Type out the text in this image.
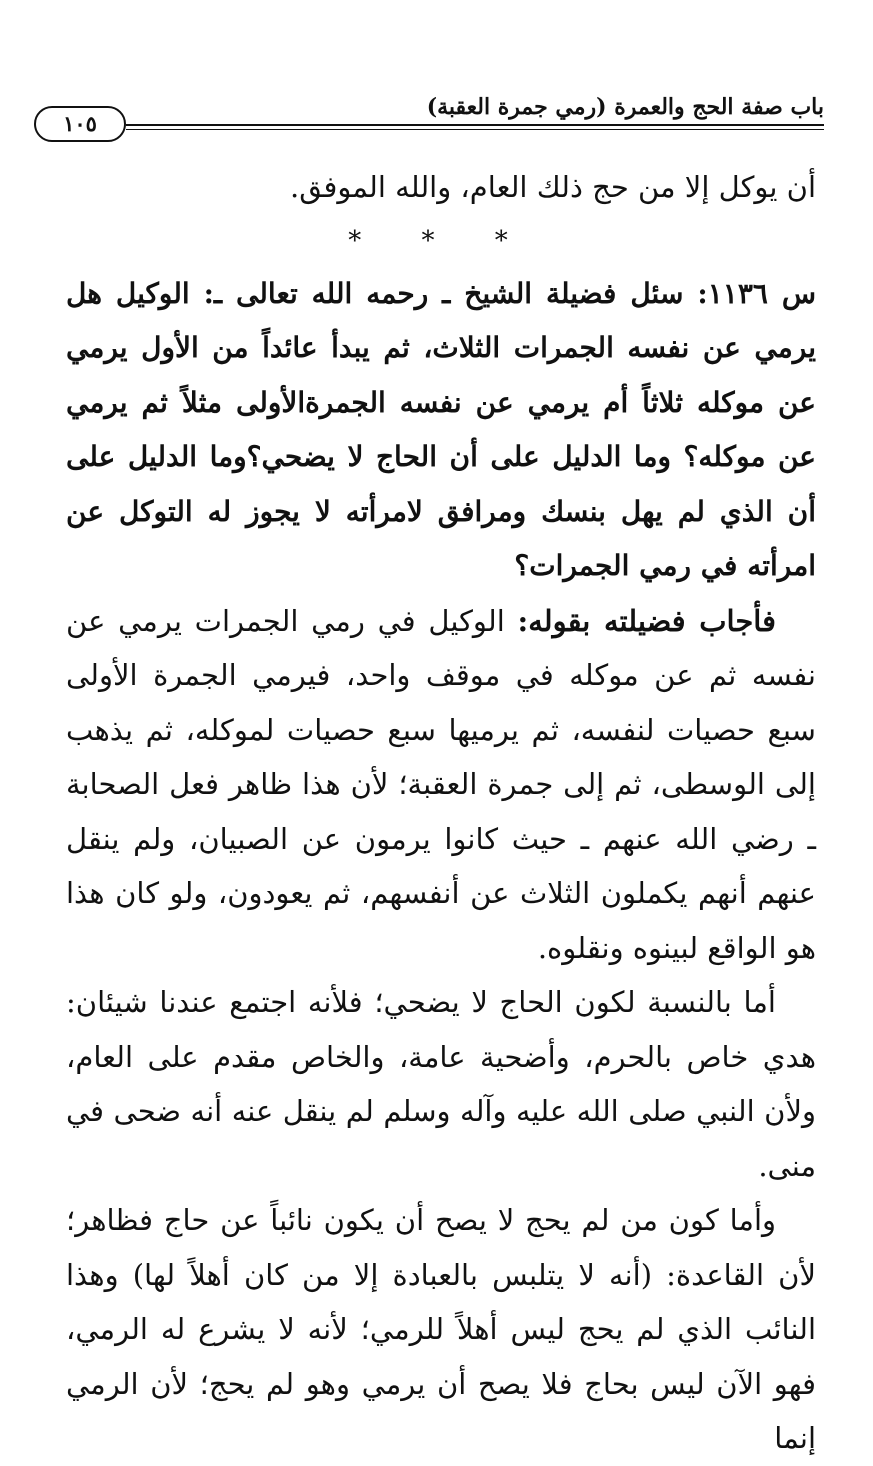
١٠٥
باب صفة الحج والعمرة (رمي جمرة العقبة)

أن يوكل إلا من حج ذلك العام، والله الموفق.

* * *

س ١١٣٦: سئل فضيلة الشيخ ـ رحمه الله تعالى ـ: الوكيل هل يرمي عن نفسه الجمرات الثلاث، ثم يبدأ عائداً من الأول يرمي عن موكله ثلاثاً أم يرمي عن نفسه الجمرةالأولى مثلاً ثم يرمي عن موكله؟ وما الدليل على أن الحاج لا يضحي؟وما الدليل على أن الذي لم يهل بنسك ومرافق لامرأته لا يجوز له التوكل عن امرأته في رمي الجمرات؟

فأجاب فضيلته بقوله: الوكيل في رمي الجمرات يرمي عن نفسه ثم عن موكله في موقف واحد، فيرمي الجمرة الأولى سبع حصيات لنفسه، ثم يرميها سبع حصيات لموكله، ثم يذهب إلى الوسطى، ثم إلى جمرة العقبة؛ لأن هذا ظاهر فعل الصحابة ـ رضي الله عنهم ـ حيث كانوا يرمون عن الصبيان، ولم ينقل عنهم أنهم يكملون الثلاث عن أنفسهم، ثم يعودون، ولو كان هذا هو الواقع لبينوه ونقلوه.

أما بالنسبة لكون الحاج لا يضحي؛ فلأنه اجتمع عندنا شيئان: هدي خاص بالحرم، وأضحية عامة، والخاص مقدم على العام، ولأن النبي صلى الله عليه وآله وسلم لم ينقل عنه أنه ضحى في منى.

وأما كون من لم يحج لا يصح أن يكون نائباً عن حاج فظاهر؛ لأن القاعدة: (أنه لا يتلبس بالعبادة إلا من كان أهلاً لها) وهذا النائب الذي لم يحج ليس أهلاً للرمي؛ لأنه لا يشرع له الرمي، فهو الآن ليس بحاج فلا يصح أن يرمي وهو لم يحج؛ لأن الرمي إنما
